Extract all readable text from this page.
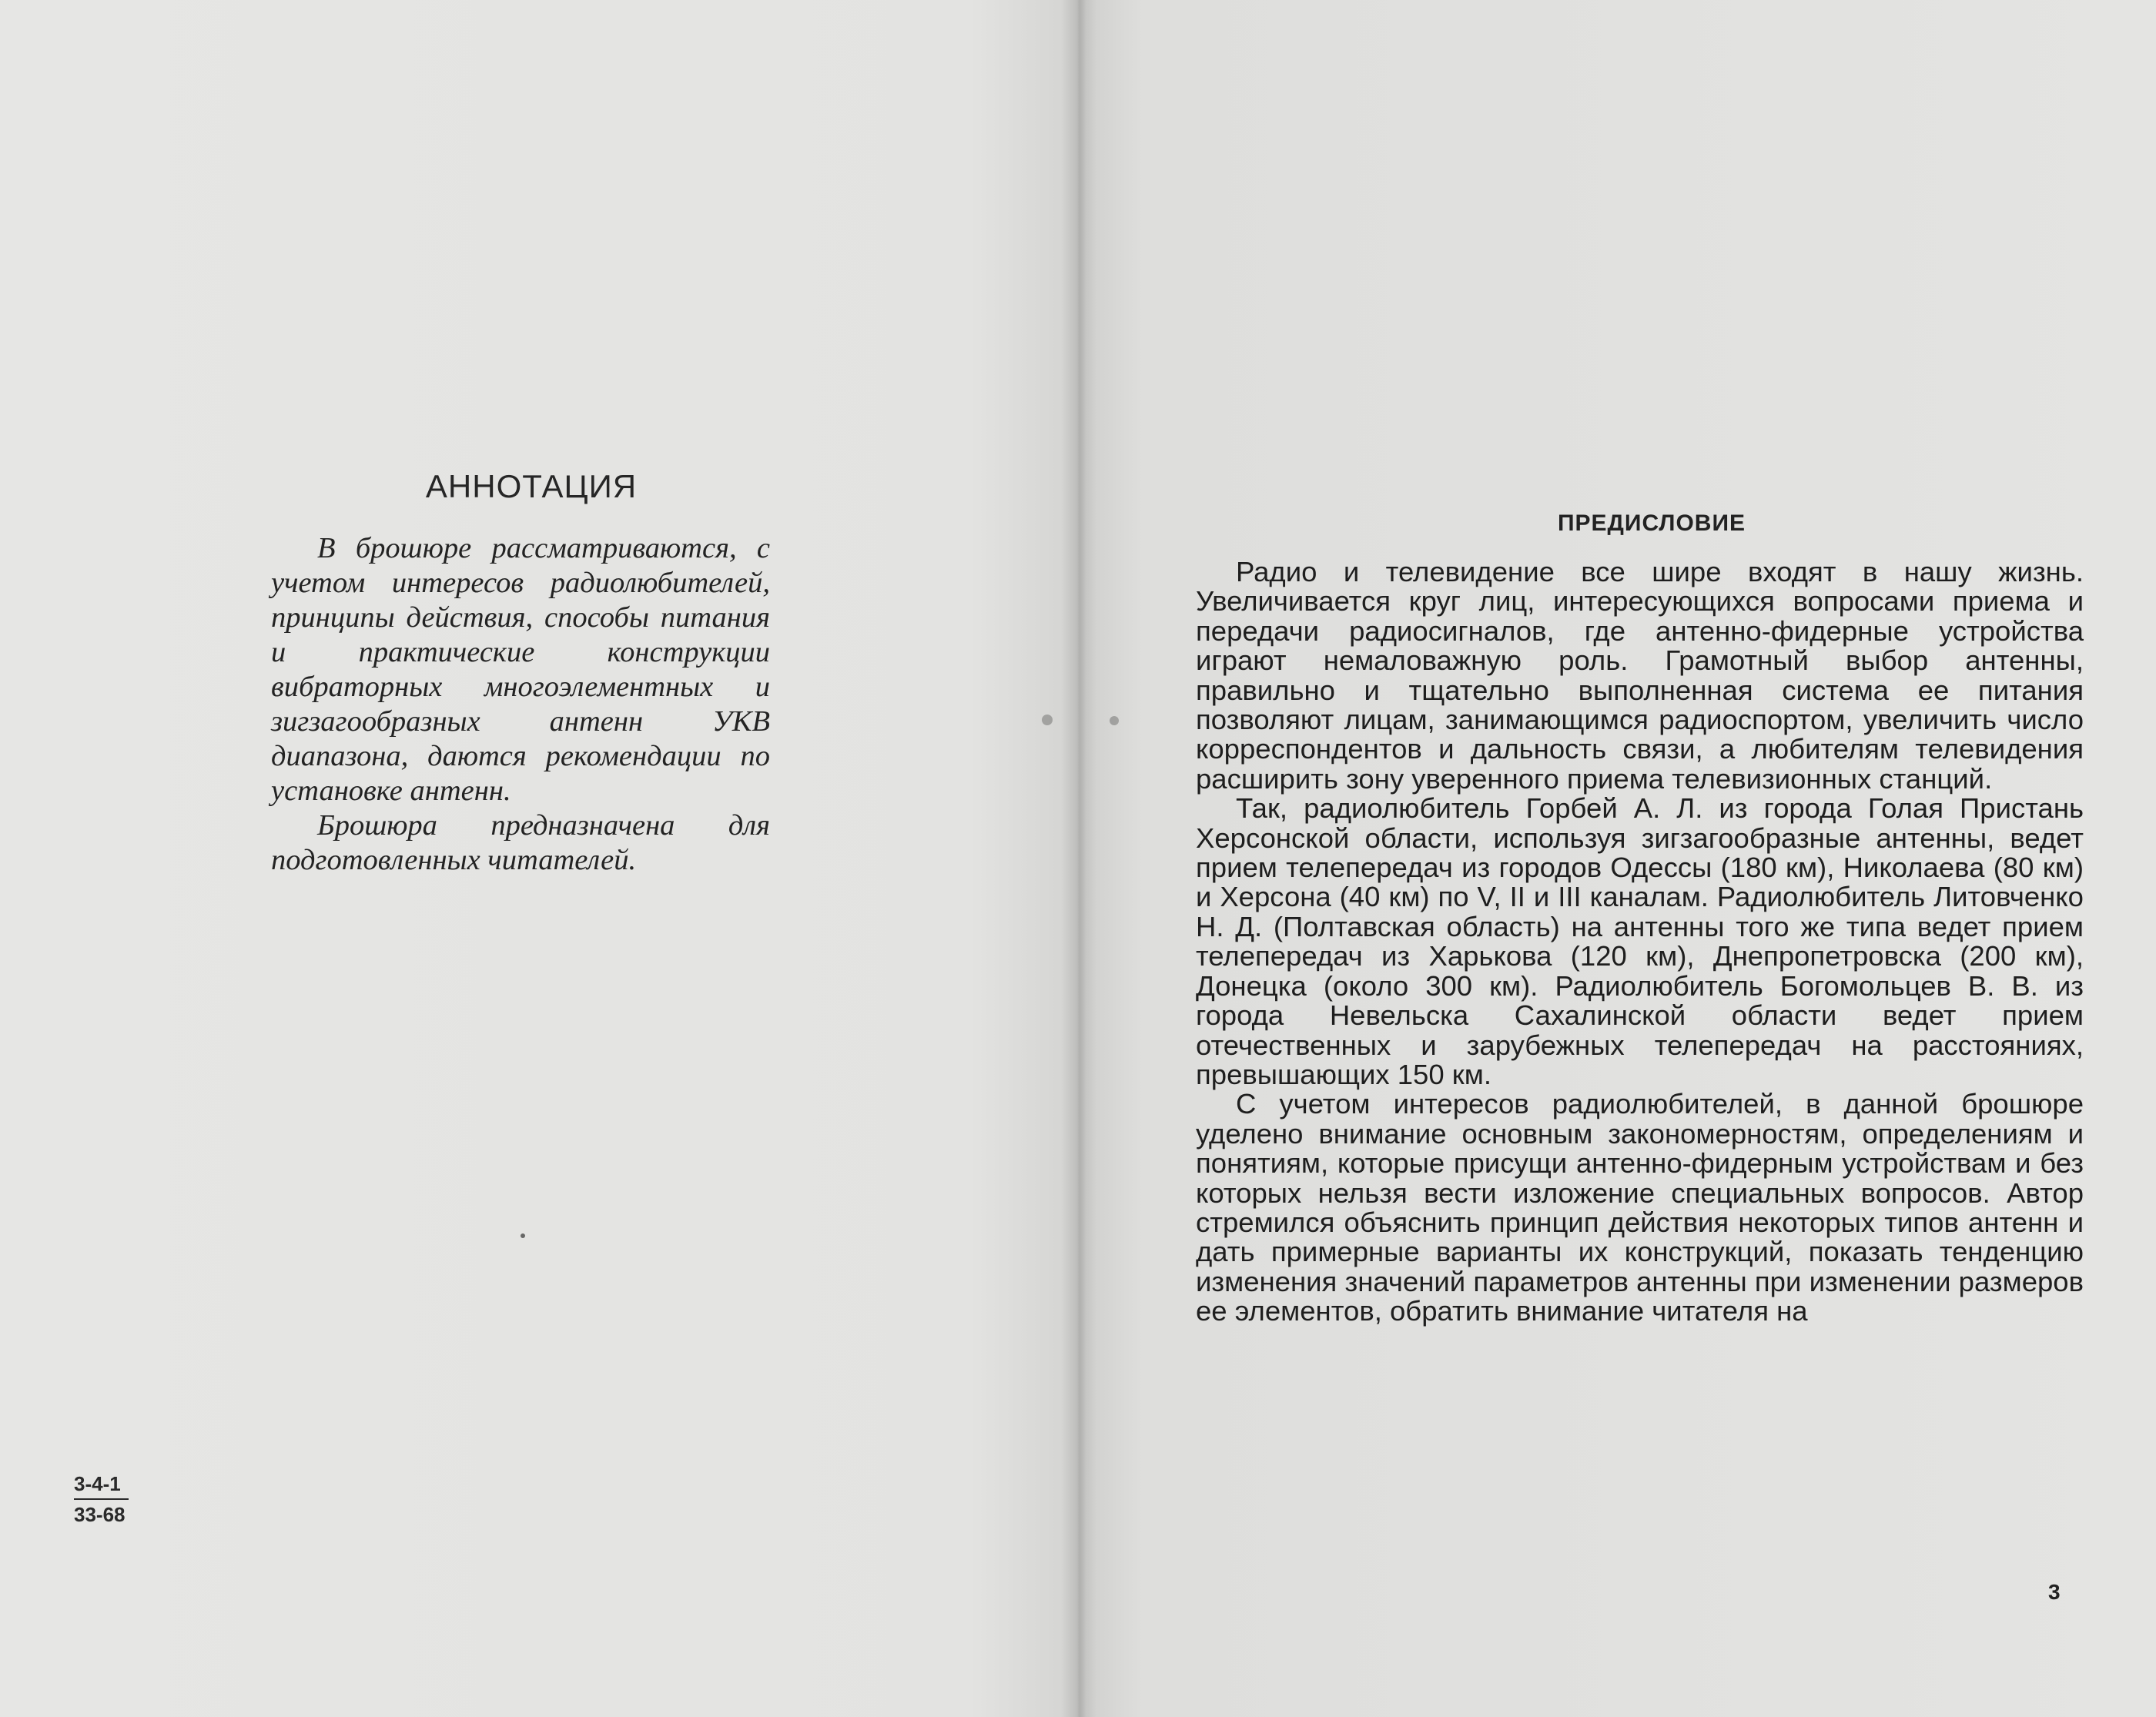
АННОТАЦИЯ

В брошюре рассматриваются, с учетом интересов радиолюбителей, принципы действия, способы питания и практические конструкции вибраторных многоэлементных и зигзагообразных антенн УКВ диапазона, даются рекомендации по установке антенн.

Брошюра предназначена для подготовленных читателей.

3-4-1
33-68
ПРЕДИСЛОВИЕ

Радио и телевидение все шире входят в нашу жизнь. Увеличивается круг лиц, интересующихся вопросами приема и передачи радиосигналов, где антенно-фидерные устройства играют немаловажную роль. Грамотный выбор антенны, правильно и тщательно выполненная система ее питания позволяют лицам, занимающимся радиоспортом, увеличить число корреспондентов и дальность связи, а любителям телевидения расширить зону уверенного приема телевизионных станций.

Так, радиолюбитель Горбей А. Л. из города Голая Пристань Херсонской области, используя зигзагообразные антенны, ведет прием телепередач из городов Одессы (180 км), Николаева (80 км) и Херсона (40 км) по V, II и III каналам. Радиолюбитель Литовченко Н. Д. (Полтавская область) на антенны того же типа ведет прием телепередач из Харькова (120 км), Днепропетровска (200 км), Донецка (около 300 км). Радиолюбитель Богомольцев В. В. из города Невельска Сахалинской области ведет прием отечественных и зарубежных телепередач на расстояниях, превышающих 150 км.

С учетом интересов радиолюбителей, в данной брошюре уделено внимание основным закономерностям, определениям и понятиям, которые присущи антенно-фидерным устройствам и без которых нельзя вести изложение специальных вопросов. Автор стремился объяснить принцип действия некоторых типов антенн и дать примерные варианты их конструкций, показать тенденцию изменения значений параметров антенны при изменении размеров ее элементов, обратить внимание читателя на

3
